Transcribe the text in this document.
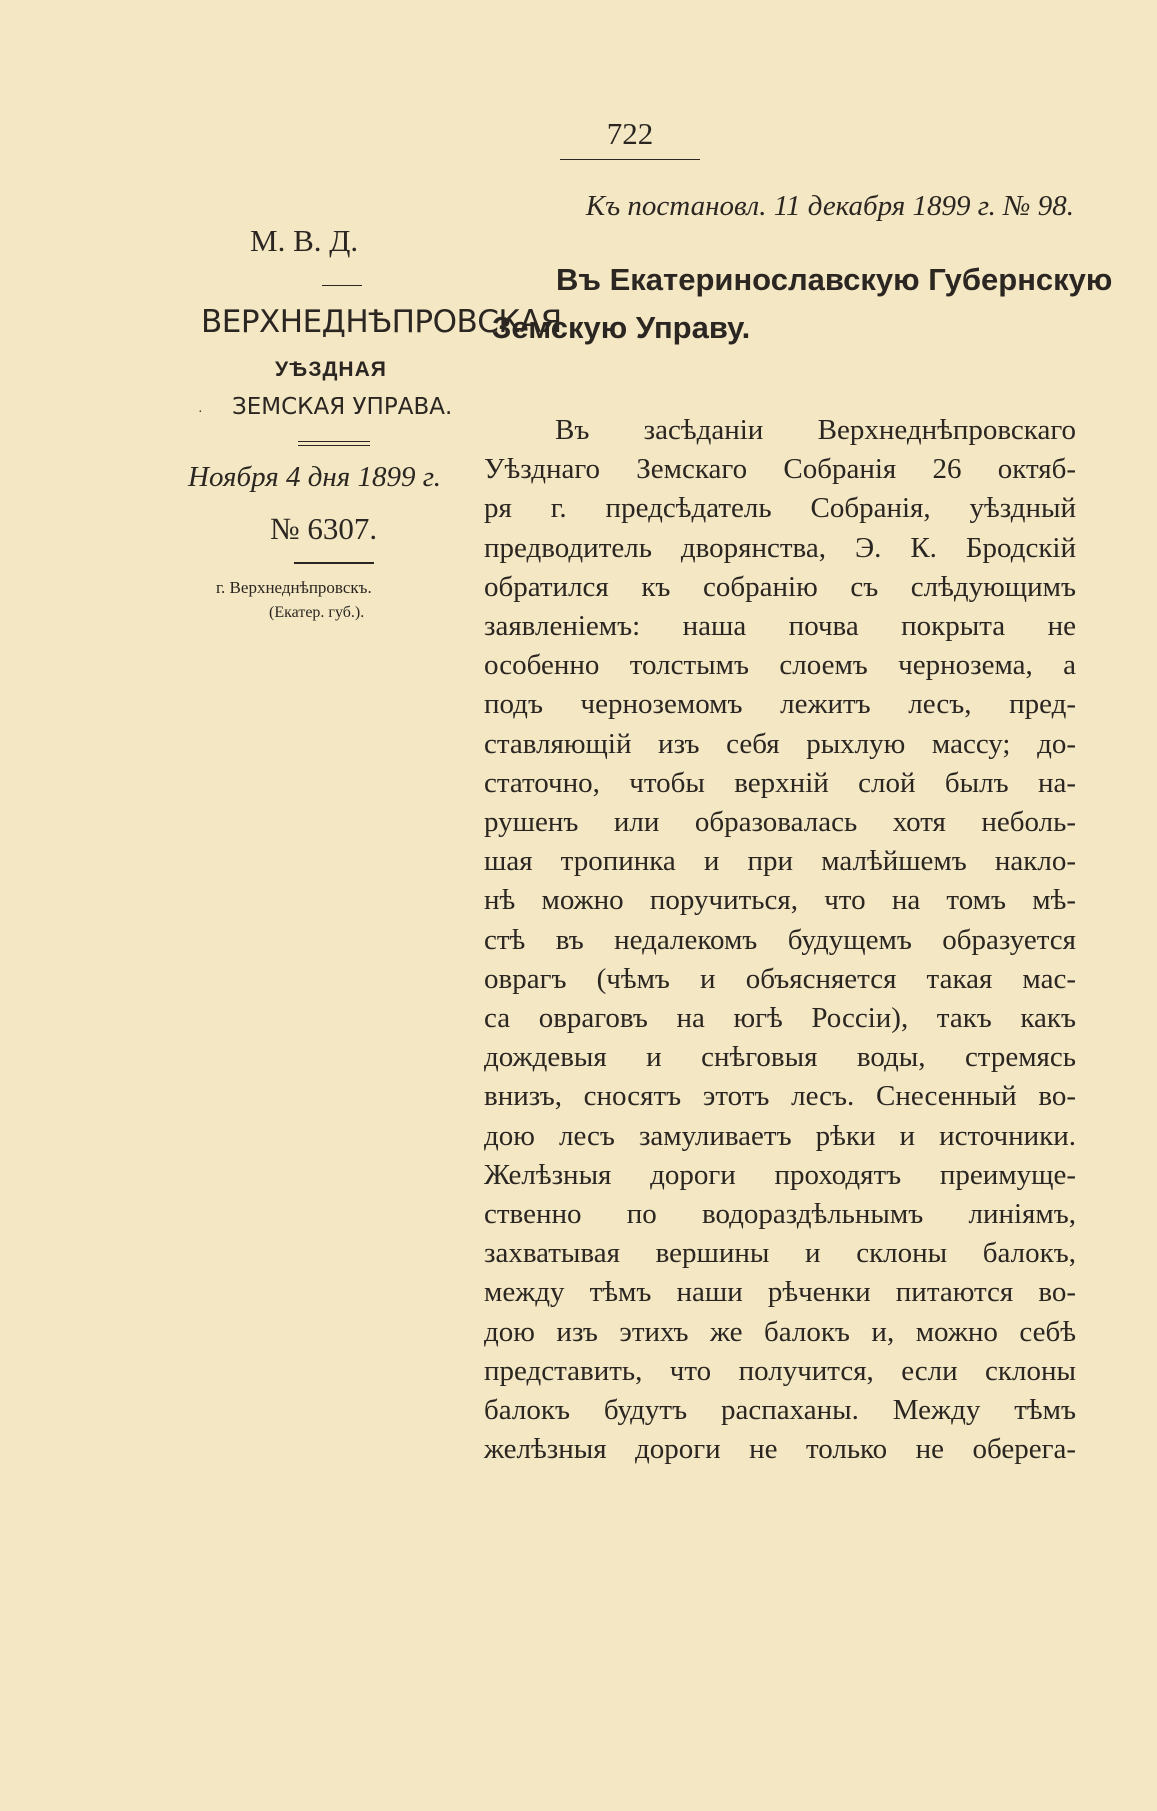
722
Къ постановл. 11 декабря 1899 г. № 98.
М. В. Д.
Въ Екатеринославскую Губернскую
Земскую Управу.
ВЕРХНЕДНѢПРОВСКАЯ
УѢЗДНАЯ
· ЗЕМСКАЯ УПРАВА.
Ноября 4 дня 1899 г.
№ 6307.
г. Верхнеднѣпровскъ.
(Екатер. губ.).
Въ засѣданіи Верхнеднѣпровскаго
Уѣзднаго Земскаго Собранія 26 октяб-
ря г. предсѣдатель Собранія, уѣздный
предводитель дворянства, Э. К. Бродскій
обратился къ собранію съ слѣдующимъ
заявленіемъ: наша почва покрыта не
особенно толстымъ слоемъ чернозема, а
подъ черноземомъ лежитъ лесъ, пред-
ставляющій изъ себя рыхлую массу; до-
статочно, чтобы верхній слой былъ на-
рушенъ или образовалась хотя неболь-
шая тропинка и при малѣйшемъ накло-
нѣ можно поручиться, что на томъ мѣ-
стѣ въ недалекомъ будущемъ образуется
оврагъ (чѣмъ и объясняется такая мас-
са овраговъ на югѣ Россіи), такъ какъ
дождевыя и снѣговыя воды, стремясь
внизъ, сносятъ этотъ лесъ. Снесенный во-
дою лесъ замуливаетъ рѣки и источники.
Желѣзныя дороги проходятъ преимуще-
ственно по водораздѣльнымъ линіямъ,
захватывая вершины и склоны балокъ,
между тѣмъ наши рѣченки питаются во-
дою изъ этихъ же балокъ и, можно себѣ
представить, что получится, если склоны
балокъ будутъ распаханы. Между тѣмъ
желѣзныя дороги не только не оберега-
